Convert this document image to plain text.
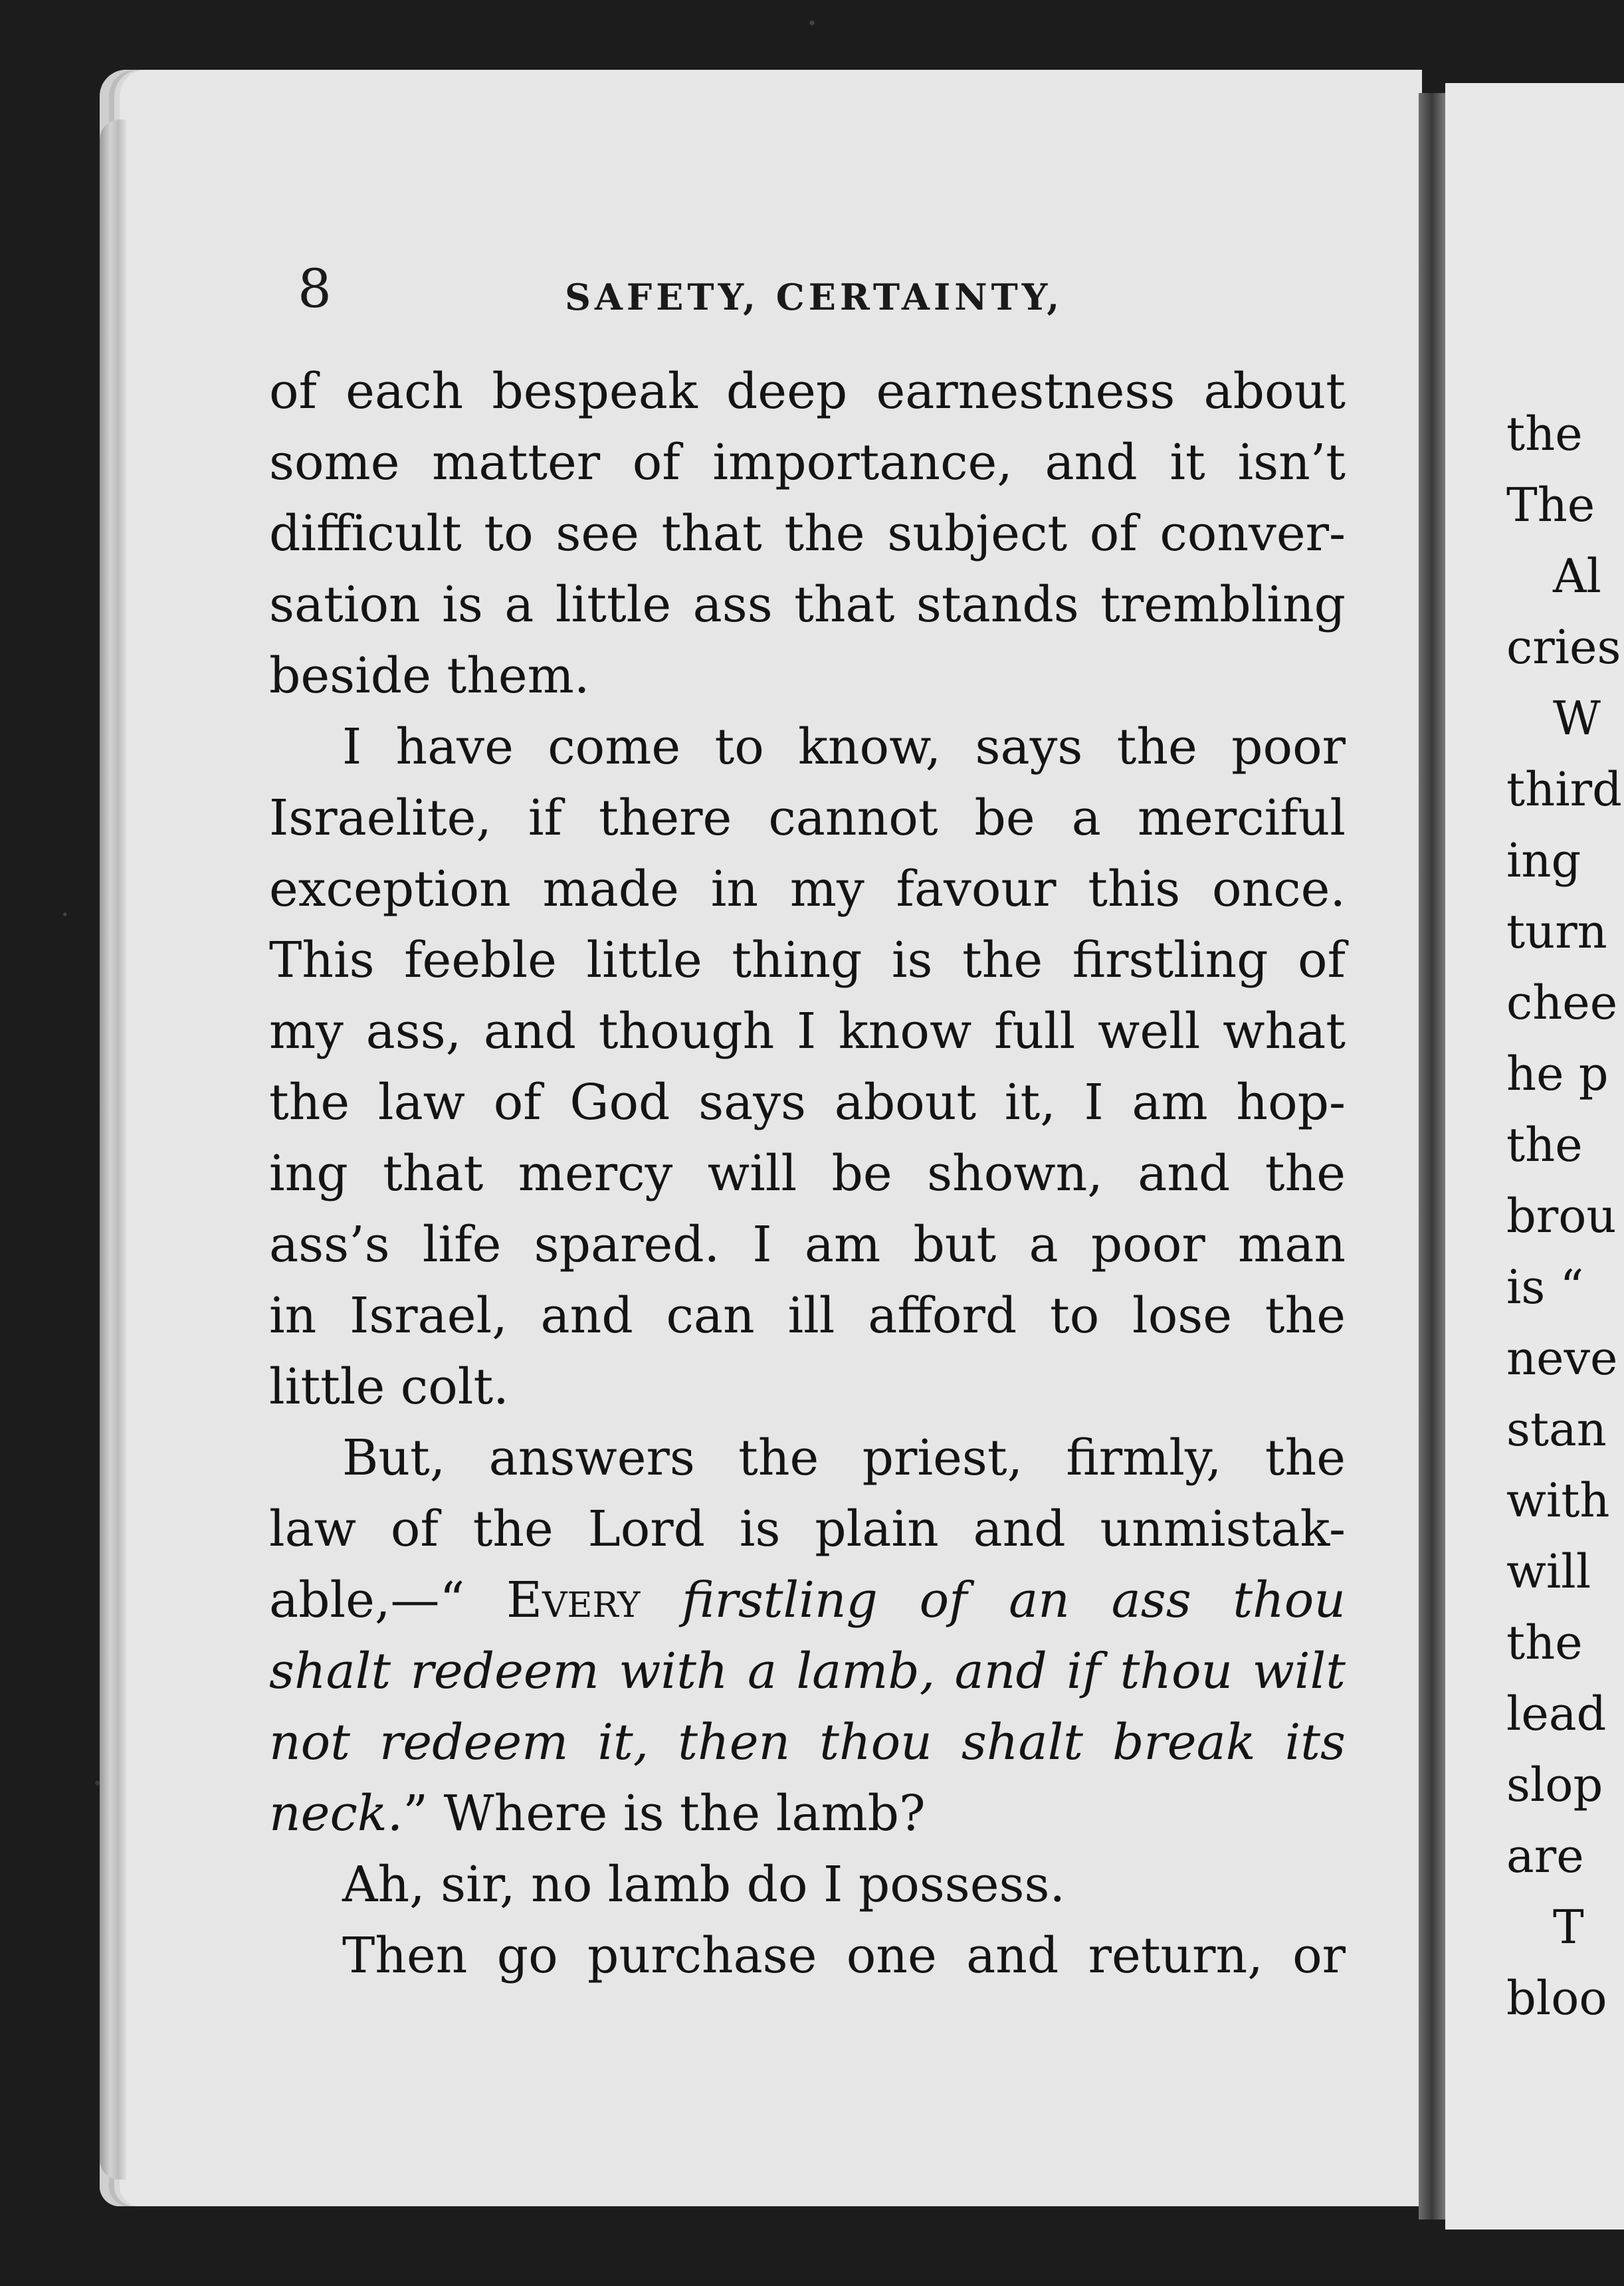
the
The
Al
cries
W
third
ing
turn
chee
he p
the
brou
is “
neve
stan
with
will
the
lead
slop
are
T
bloo
8	SAFETY, CERTAINTY,
of each bespeak deep earnestness about
some matter of importance, and it isn’t
difficult to see that the subject of conver-
sation is a little ass that stands trembling
beside them.
I have come to know, says the poor
Israelite, if there cannot be a merciful
exception made in my favour this once.
This feeble little thing is the firstling of
my ass, and though I know full well what
the law of God says about it, I am hop-
ing that mercy will be shown, and the
ass’s life spared. I am but a poor man
in Israel, and can ill afford to lose the
little colt.
But, answers the priest, firmly, the
law of the Lord is plain and unmistak-
able,—“ Every firstling of an ass thou
shalt redeem with a lamb, and if thou wilt
not redeem it, then thou shalt break its
neck.” Where is the lamb?
Ah, sir, no lamb do I possess.
Then go purchase one and return, or
